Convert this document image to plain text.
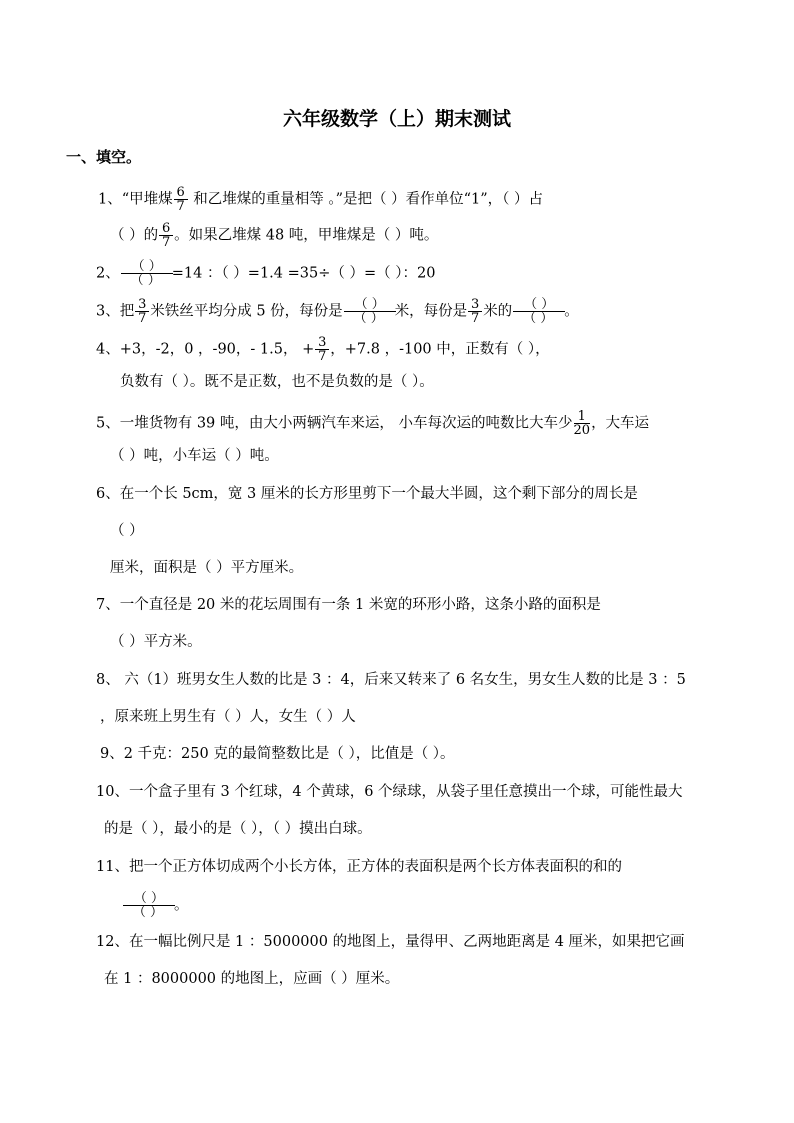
六年级数学（上）期末测试
一、填空。
1、“甲堆煤 $\frac{6}{7}$ 和乙堆煤的重量相等 。”是把（ ）看作单位“1”，（ ）占
（ ）的 $\frac{6}{7}$ 。如果乙堆煤 48 吨，甲堆煤是（ ）吨。
2、 $\frac{( )}{( )} =14$ ：（ ）=1.4 =35÷（ ）=（ ）：20
3、把 $\frac{3}{7}$ 米铁丝平均分成 5 份，每份是 $\frac{( )}{( )}$ 米，每份是 $\frac{3}{7}$ 米的 $\frac{( )}{( )}$ 。
4、+3，-2，0 ，-90，- 1.5， + $\frac{3}{7}$ ，+7.8 ，-100 中，正数有（ ），
负数有（ ）。既不是正数，也不是负数的是（ ）。
5、一堆货物有 39 吨，由大小两辆汽车来运， 小车每次运的吨数比大车少 $\frac{1}{20}$ ，大车运
（ ）吨，小车运（ ）吨。
6、在一个长 5cm，宽 3 厘米的长方形里剪下一个最大半圆，这个剩下部分的周长是
（ ）
厘米，面积是（ ）平方厘米。
7、一个直径是 20 米的花坛周围有一条 1 米宽的环形小路，这条小路的面积是
（ ）平方米。
8、 六（1）班男女生人数的比是 3 ：4，后来又转来了 6 名女生，男女生人数的比是 3 ：5
，原来班上男生有（ ）人，女生（ ）人
9、2 千克：250 克的最简整数比是（ ），比值是（ ）。
10、一个盒子里有 3 个红球，4 个黄球，6 个绿球，从袋子里任意摸出一个球，可能性最大
的是（ ），最小的是（ ），（ ）摸出白球。
11、把一个正方体切成两个小长方体，正方体的表面积是两个长方体表面积的和的
$\frac{( )}{( )}$ 。
12、在一幅比例尺是 1 ：5000000 的地图上，量得甲、乙两地距离是 4 厘米，如果把它画
在 1 ：8000000 的地图上，应画（ ）厘米。
